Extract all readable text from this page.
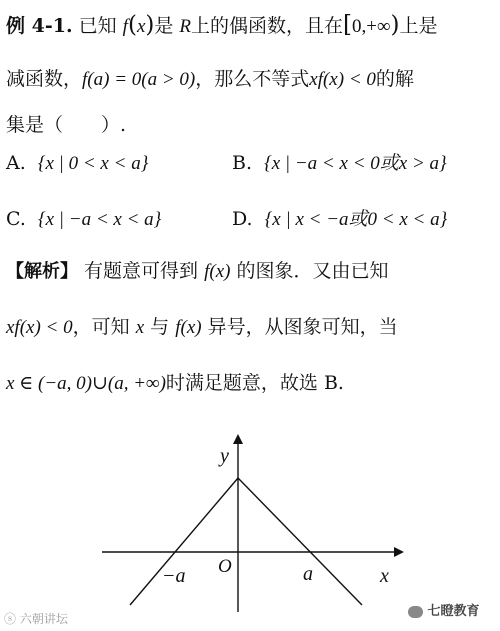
例 4-1. 已知 f(x)是 R上的偶函数，且在[0,+∞)上是
减函数，f(a) = 0(a > 0)，那么不等式xf(x) < 0的解
集是（　　）.
A. {x | 0 < x < a}	B. {x | −a < x < 0或x > a}
C. {x | −a < x < a}	D. {x | x < −a或0 < x < a}
【解析】 有题意可得到 f(x) 的图象．又由已知
xf(x) < 0，可知 x 与 f(x) 异号，从图象可知，当
x ∈ (−a, 0)∪(a, +∞)时满足题意，故选 B.
y
x
O
−a	a
ⓢ 六朝讲坛	七瞪教育
